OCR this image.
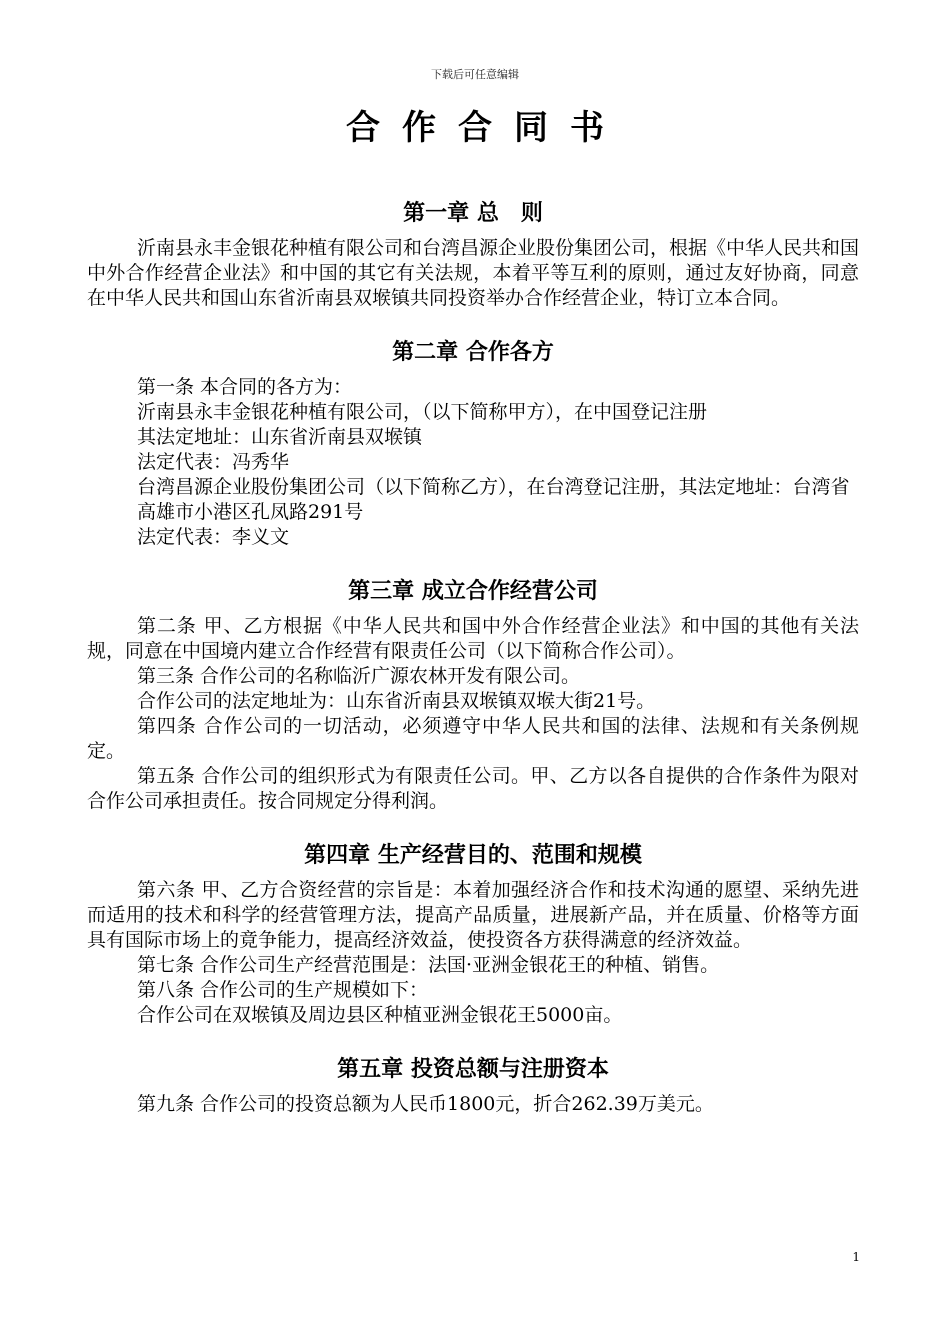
下载后可任意编辑
合作合同书
第一章 总　则

沂南县永丰金银花种植有限公司和台湾昌源企业股份集团公司，根据《中华人民共和国中外合作经营企业法》和中国的其它有关法规，本着平等互利的原则，通过友好协商，同意在中华人民共和国山东省沂南县双堠镇共同投资举办合作经营企业，特订立本合同。

第二章 合作各方

第一条 本合同的各方为：

沂南县永丰金银花种植有限公司，（以下简称甲方），在中国登记注册

其法定地址：山东省沂南县双堠镇

法定代表：冯秀华

台湾昌源企业股份集团公司（以下简称乙方），在台湾登记注册，其法定地址：台湾省高雄市小港区孔凤路291号

法定代表：李义文

第三章 成立合作经营公司

第二条 甲、乙方根据《中华人民共和国中外合作经营企业法》和中国的其他有关法规，同意在中国境内建立合作经营有限责任公司（以下简称合作公司）。

第三条 合作公司的名称临沂广源农林开发有限公司。

合作公司的法定地址为：山东省沂南县双堠镇双堠大街21号。

第四条 合作公司的一切活动，必须遵守中华人民共和国的法律、法规和有关条例规定。

第五条 合作公司的组织形式为有限责任公司。甲、乙方以各自提供的合作条件为限对合作公司承担责任。按合同规定分得利润。

第四章 生产经营目的、范围和规模

第六条 甲、乙方合资经营的宗旨是：本着加强经济合作和技术沟通的愿望、采纳先进而适用的技术和科学的经营管理方法，提高产品质量，进展新产品，并在质量、价格等方面具有国际市场上的竟争能力，提高经济效益，使投资各方获得满意的经济效益。

第七条 合作公司生产经营范围是：法国·亚洲金银花王的种植、销售。

第八条 合作公司的生产规模如下：

合作公司在双堠镇及周边县区种植亚洲金银花王5000亩。

第五章 投资总额与注册资本

第九条 合作公司的投资总额为人民币1800元，折合262.39万美元。

1
